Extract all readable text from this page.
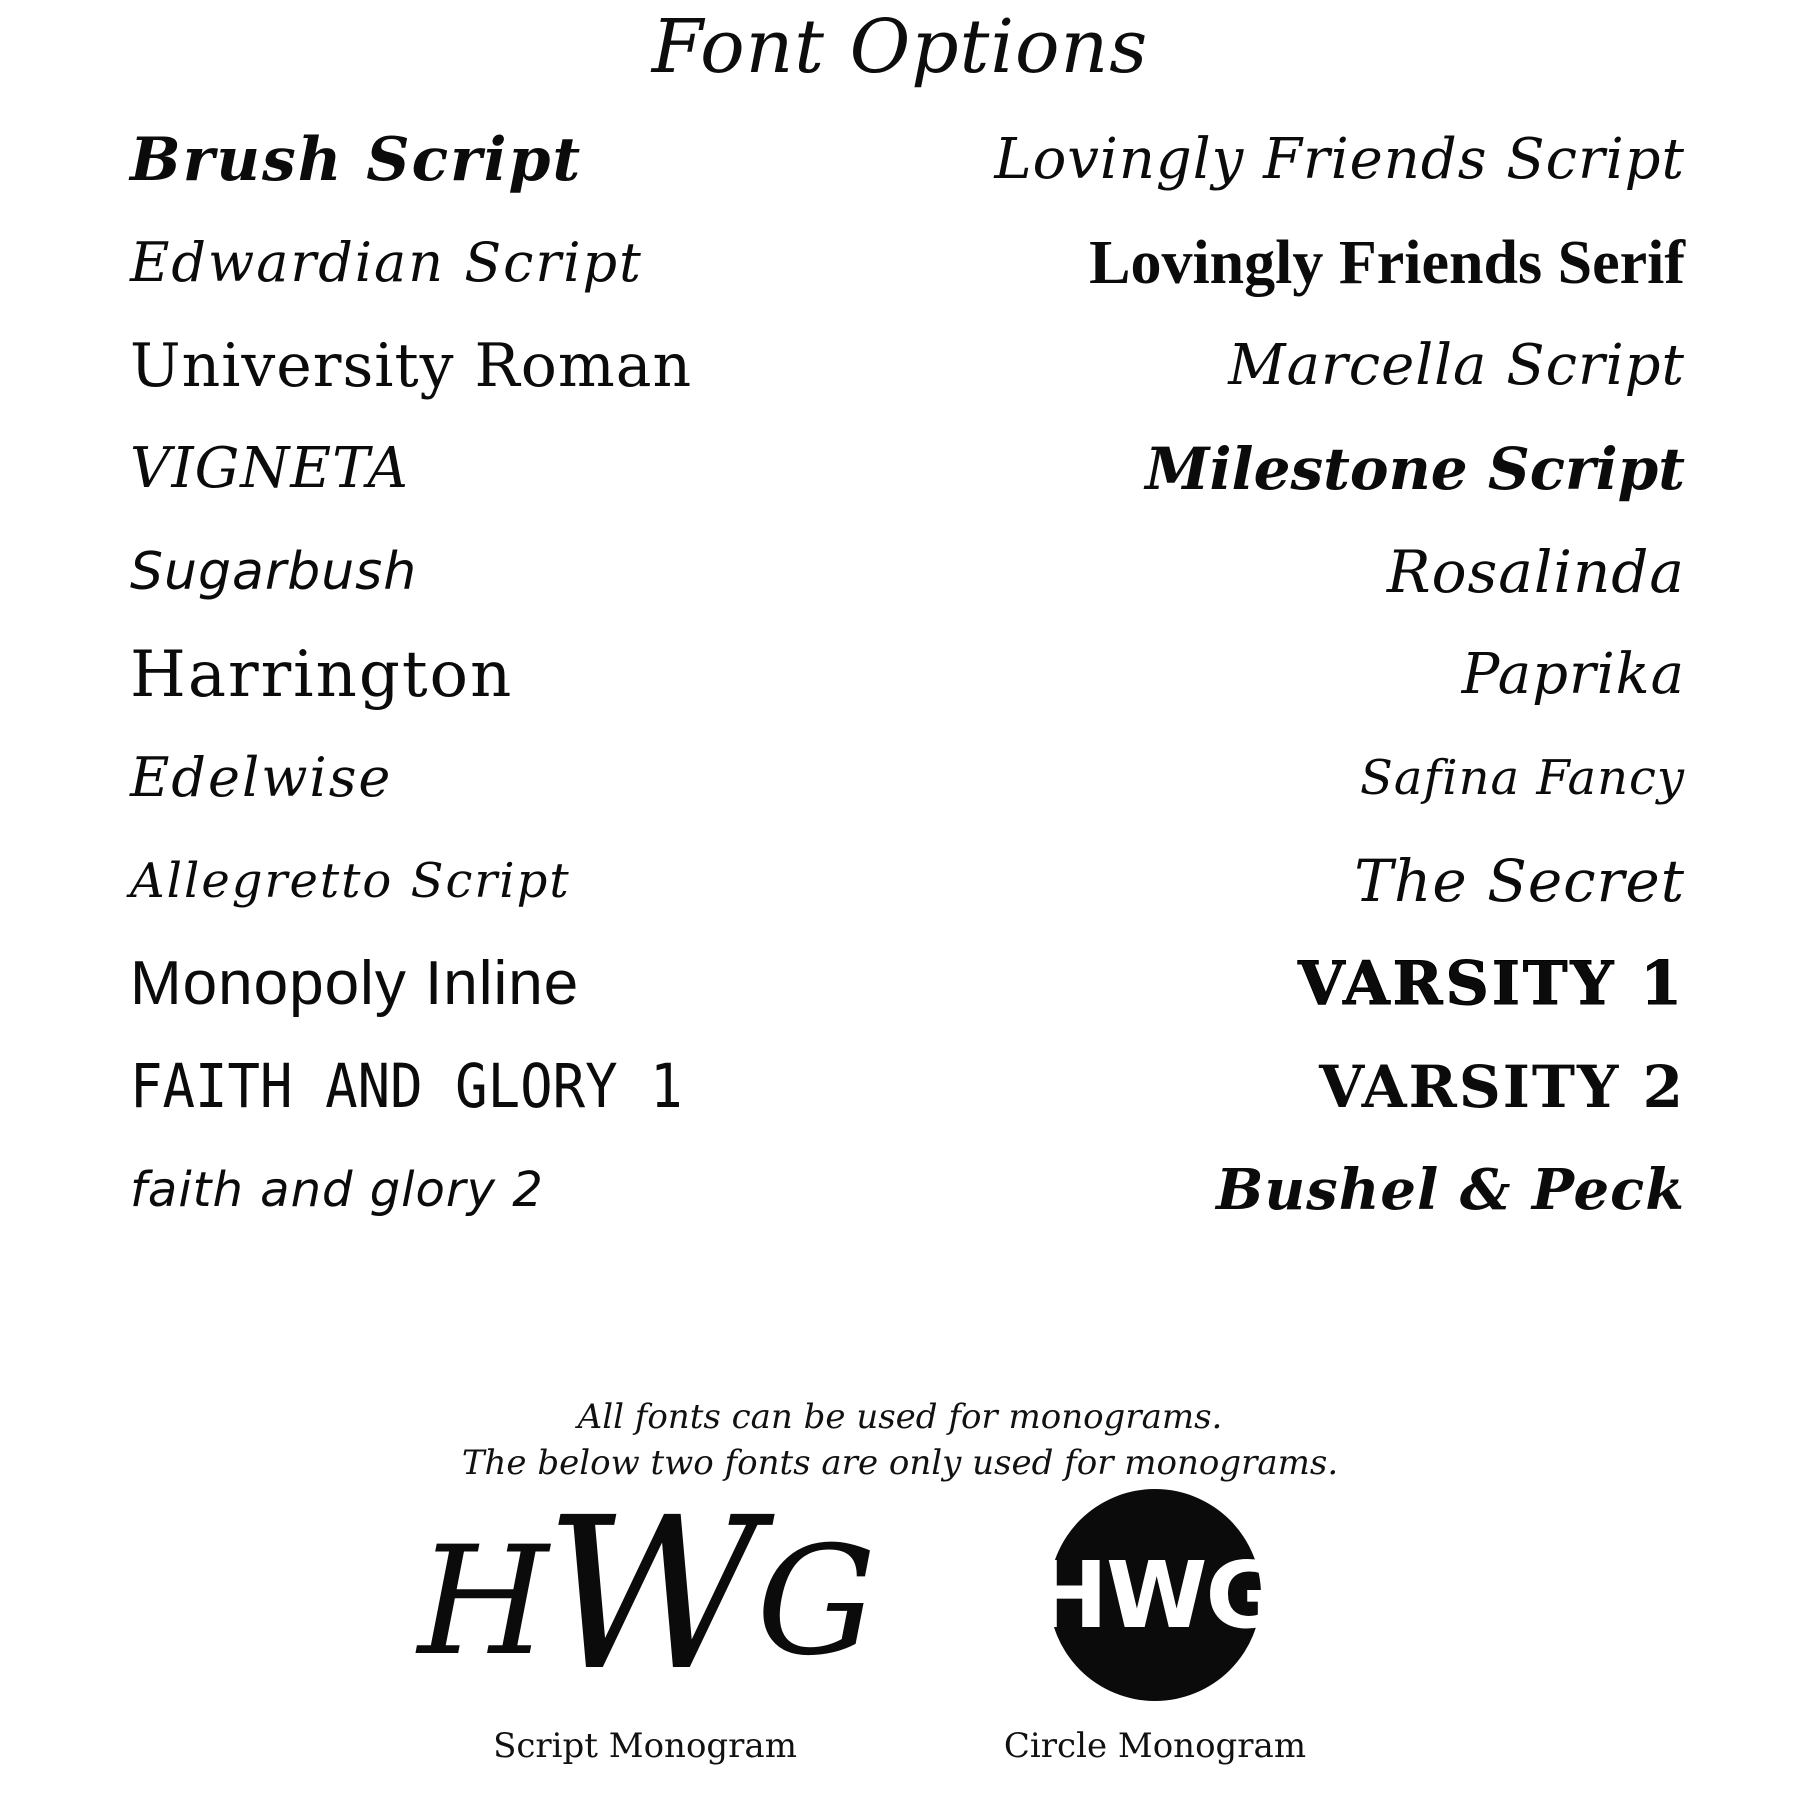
Font Options
Brush Script
Edwardian Script
University Roman
VIGNETA
Sugarbush
Harrington
Edelwise
Allegretto Script
Monopoly Inline
FAITH AND GLORY 1
faith and glory 2
Lovingly Friends Script
Lovingly Friends Serif
Marcella Script
Milestone Script
Rosalinda
Paprika
Safina Fancy
The Secret
VARSITY 1
VARSITY 2
Bushel & Peck
All fonts can be used for monograms.
The below two fonts are only used for monograms.
HWG
Script Monogram
HWG
Circle Monogram
